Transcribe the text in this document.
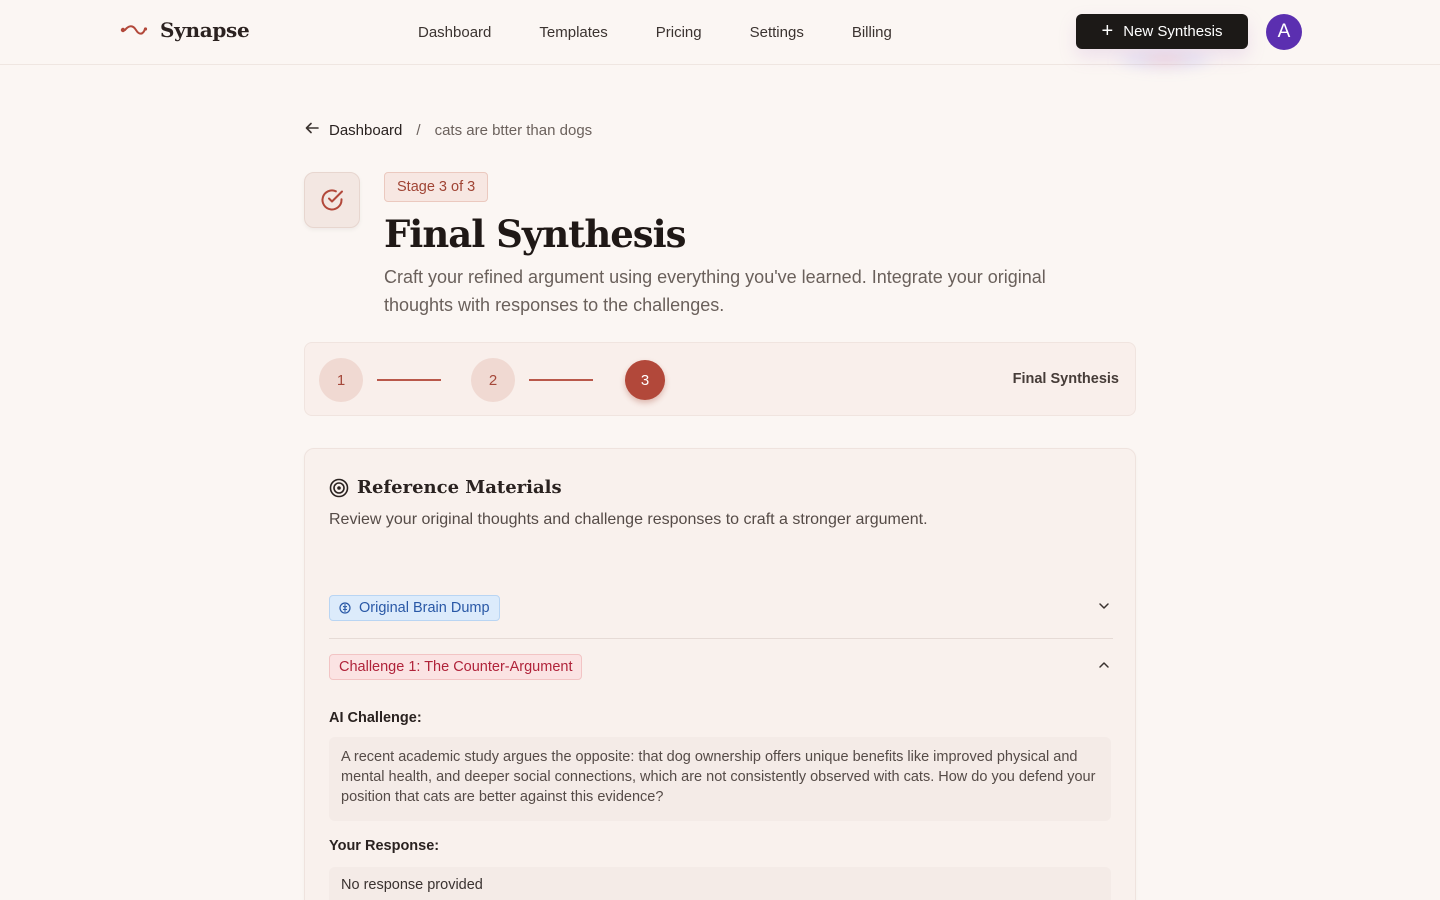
Synapse	Dashboard	Templates	Pricing	Settings	Billing	+ New Synthesis	A
Dashboard / cats are btter than dogs
Stage 3 of 3
Final Synthesis

Craft your refined argument using everything you've learned. Integrate your original thoughts with responses to the challenges.

1	2	3	Final Synthesis
Reference Materials
Review your original thoughts and challenge responses to craft a stronger argument.
Original Brain Dump
Challenge 1: The Counter-Argument
AI Challenge:
A recent academic study argues the opposite: that dog ownership offers unique benefits like improved physical and mental health, and deeper social connections, which are not consistently observed with cats. How do you defend your position that cats are better against this evidence?
Your Response:
No response provided
